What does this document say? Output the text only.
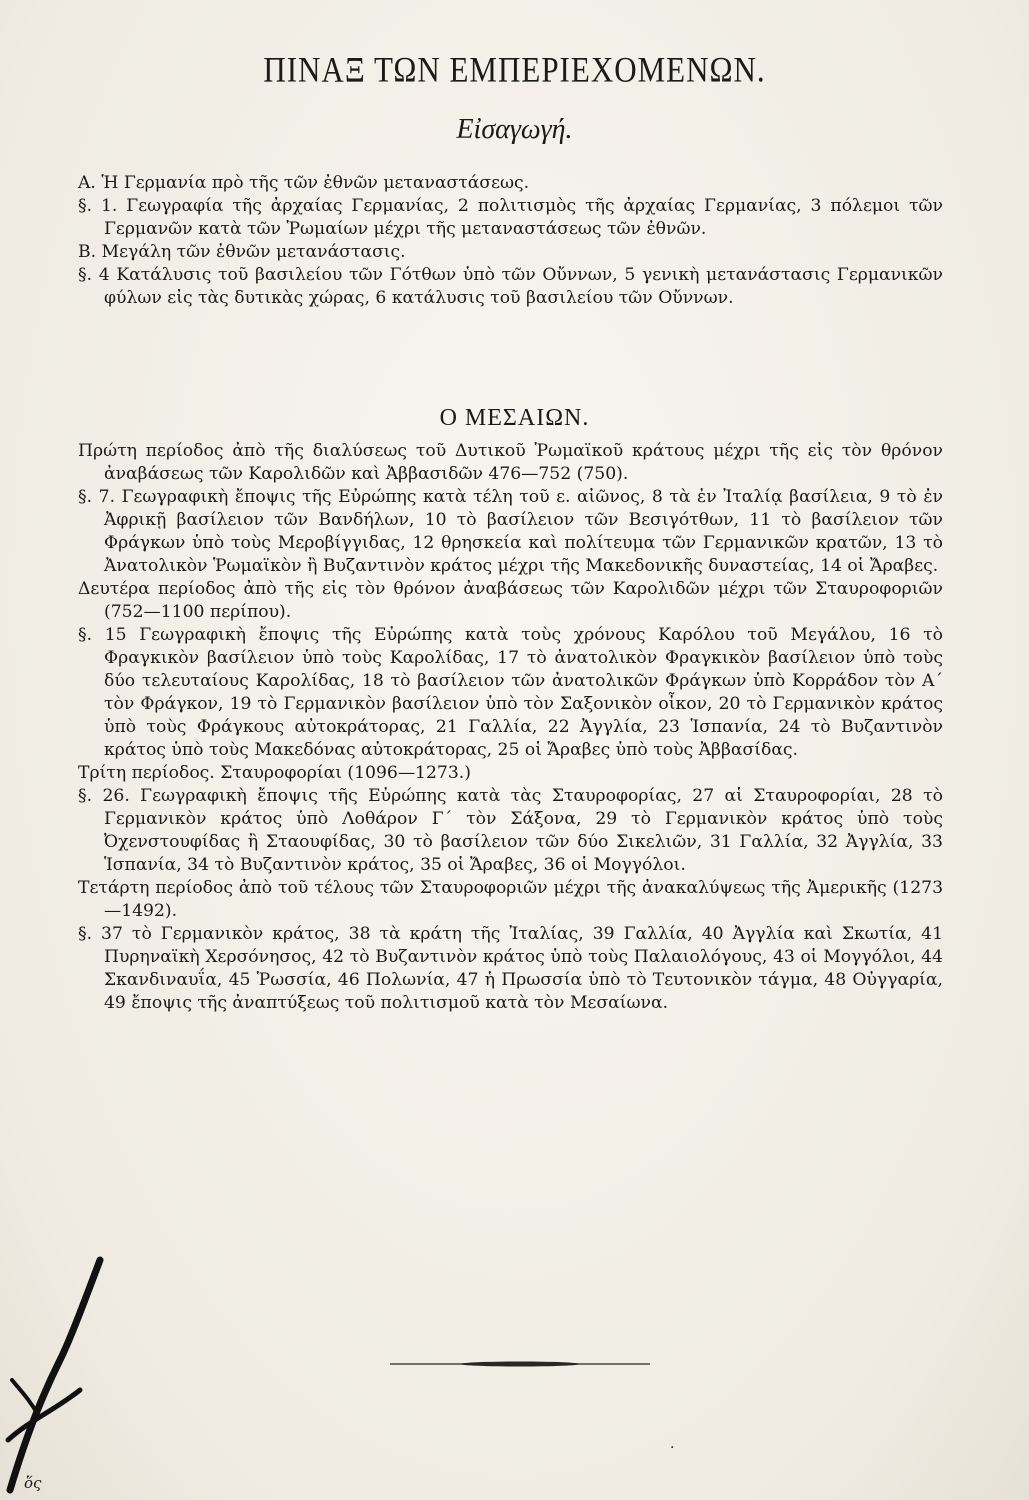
ΠΙΝΑΞ ΤΩΝ ΕΜΠΕΡΙΕΧΟΜΕΝΩΝ.
Εἰσαγωγή.

Α. Ἡ Γερμανία πρὸ τῆς τῶν ἐθνῶν μεταναστάσεως.

§. 1. Γεωγραφία τῆς ἀρχαίας Γερμανίας, 2 πολιτισμὸς τῆς ἀρχαίας Γερμανίας, 3 πόλεμοι τῶν Γερμανῶν κατὰ τῶν Ῥωμαίων μέχρι τῆς μεταναστάσεως τῶν ἐθνῶν.

Β. Μεγάλη τῶν ἐθνῶν μετανάστασις.

§. 4 Κατάλυσις τοῦ βασιλείου τῶν Γότθων ὑπὸ τῶν Οὔννων, 5 γενικὴ μετανάστασις Γερμανικῶν φύλων εἰς τὰς δυτικὰς χώρας, 6 κατάλυσις τοῦ βασιλείου τῶν Οὔννων.

Ο ΜΕΣΑΙΩΝ.

Πρώτη περίοδος ἀπὸ τῆς διαλύσεως τοῦ Δυτικοῦ Ῥωμαϊκοῦ κράτους μέχρι τῆς εἰς τὸν θρόνον ἀναβάσεως τῶν Καρολιδῶν καὶ Ἀββασιδῶν 476—752 (750).

§. 7. Γεωγραφικὴ ἔποψις τῆς Εὐρώπης κατὰ τέλη τοῦ ε. αἰῶνος, 8 τὰ ἐν Ἰταλίᾳ βασίλεια, 9 τὸ ἐν Ἀφρικῇ βασίλειον τῶν Βανδήλων, 10 τὸ βασίλειον τῶν Βεσιγότθων, 11 τὸ βασίλειον τῶν Φράγκων ὑπὸ τοὺς Μεροβίγγιδας, 12 θρησκεία καὶ πολίτευμα τῶν Γερμανικῶν κρατῶν, 13 τὸ Ἀνατολικὸν Ῥωμαϊκὸν ἢ Βυζαντινὸν κράτος μέχρι τῆς Μακεδονικῆς δυναστείας, 14 οἱ Ἄραβες.

Δευτέρα περίοδος ἀπὸ τῆς εἰς τὸν θρόνον ἀναβάσεως τῶν Καρολιδῶν μέχρι τῶν Σταυροφοριῶν (752—1100 περίπου).

§. 15 Γεωγραφικὴ ἔποψις τῆς Εὐρώπης κατὰ τοὺς χρόνους Καρόλου τοῦ Μεγάλου, 16 τὸ Φραγκικὸν βασίλειον ὑπὸ τοὺς Καρολίδας, 17 τὸ ἀνατολικὸν Φραγκικὸν βασίλειον ὑπὸ τοὺς δύο τελευταίους Καρολίδας, 18 τὸ βασίλειον τῶν ἀνατολικῶν Φράγκων ὑπὸ Κορράδον τὸν Α΄ τὸν Φράγκον, 19 τὸ Γερμανικὸν βασίλειον ὑπὸ τὸν Σαξονικὸν οἶκον, 20 τὸ Γερμανικὸν κράτος ὑπὸ τοὺς Φράγκους αὐτοκράτορας, 21 Γαλλία, 22 Ἀγγλία, 23 Ἱσπανία, 24 τὸ Βυζαντινὸν κράτος ὑπὸ τοὺς Μακεδόνας αὐτοκράτορας, 25 οἱ Ἄραβες ὑπὸ τοὺς Ἀββασίδας.

Τρίτη περίοδος. Σταυροφορίαι (1096—1273.)

§. 26. Γεωγραφικὴ ἔποψις τῆς Εὐρώπης κατὰ τὰς Σταυροφορίας, 27 αἱ Σταυροφορίαι, 28 τὸ Γερμανικὸν κράτος ὑπὸ Λοθάρον Γ΄ τὸν Σάξονα, 29 τὸ Γερμανικὸν κράτος ὑπὸ τοὺς Ὀχενστουφίδας ἢ Σταουφίδας, 30 τὸ βασίλειον τῶν δύο Σικελιῶν, 31 Γαλλία, 32 Ἀγγλία, 33 Ἱσπανία, 34 τὸ Βυζαντινὸν κράτος, 35 οἱ Ἄραβες, 36 οἱ Μογγόλοι.

Τετάρτη περίοδος ἀπὸ τοῦ τέλους τῶν Σταυροφοριῶν μέχρι τῆς ἀνακαλύψεως τῆς Ἀμερικῆς (1273—1492).

§. 37 τὸ Γερμανικὸν κράτος, 38 τὰ κράτη τῆς Ἰταλίας, 39 Γαλλία, 40 Ἀγγλία καὶ Σκωτία, 41 Πυρηναϊκὴ Χερσόνησος, 42 τὸ Βυζαντινὸν κράτος ὑπὸ τοὺς Παλαιολόγους, 43 οἱ Μογγόλοι, 44 Σκανδιναυΐα, 45 Ῥωσσία, 46 Πολωνία, 47 ἡ Πρωσσία ὑπὸ τὸ Τευτονικὸν τάγμα, 48 Οὐγγαρία, 49 ἔποψις τῆς ἀναπτύξεως τοῦ πολιτισμοῦ κατὰ τὸν Μεσαίωνα.

·
ὅς
